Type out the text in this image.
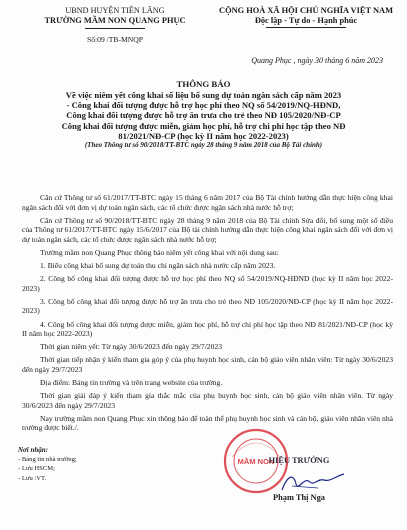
UBND HUYỆN TIÊN LÃNG
TRƯỜNG MẦM NON QUANG PHỤC
Số:09 /TB-MNQP
CỘNG HOÀ XÃ HỘI CHỦ NGHĨA VIỆT NAM
Độc lập - Tự do - Hạnh phúc
Quang Phục , ngày 30 tháng 6 năm 2023
THÔNG BÁO
Về việc niêm yết công khai số liệu bổ sung dự toán ngân sách cấp năm 2023
- Công khai đối tượng được hỗ trợ học phí theo NQ số 54/2019/NQ-HĐND,
Công khai đối tượng được hỗ trợ ăn trưa cho trẻ theo NĐ 105/2020/NĐ-CP
Công khai đối tượng được miễn, giảm học phí, hỗ trợ chi phí học tập theo NĐ
81/2021/NĐ-CP (học kỳ II năm học 2022-2023)
(Theo Thông tư số 90/2018/TT-BTC ngày 28 tháng 9 năm 2018 của Bộ Tài chính)

Căn cứ Thông tư số 61/2017/TT-BTC ngày 15 tháng 6 năm 2017 của Bộ Tài chính hướng dẫn thực hiện công khai ngân sách đối với đơn vị dự toán ngân sách, các tổ chức được ngân sách nhà nước hỗ trợ;

Căn cứ Thông tư số 90/2018/TT-BTC ngày 28 tháng 9 năm 2018 của Bộ Tài chính Sửa đổi, bổ sung một số điều của Thông tư 61/2017/TT-BTC ngày 15/6/2017 của Bộ tài chính hướng dẫn thực hiện công khai ngân sách đối với đơn vị dự toán ngân sách, các tổ chức được ngân sách nhà nước hỗ trợ;

Trường mầm non Quang Phục thông báo niêm yết công khai với nội dung sau:

1. Biểu công khai bổ sung dự toán thu chi ngân sách nhà nước cấp năm 2023.

2. Công bố công khai đối tượng được hỗ trợ học phí theo NQ số 54/2019/NQ-HĐND (học kỳ II năm học 2022-2023)

3. Công bố công khai đối tượng được hỗ trợ ăn trưa cho trẻ theo NĐ 105/2020/NĐ-CP (học kỳ II năm học 2022-2023)

4. Công bố công khai đối tượng được miễn, giảm học phí, hỗ trợ chi phí học tập theo NĐ 81/2021/NĐ-CP (học kỳ II năm học 2022-2023)

Thời gian niêm yết: Từ ngày 30/6/2023 đến ngày 29/7/2023

Thời gian tiếp nhận ý kiến tham gia góp ý của phụ huynh học sinh, cán bộ giáo viên nhân viên: Từ ngày 30/6/2023 đến ngày 29/7/2023

Địa điểm: Bảng tin trường và trên trang website của trường.

Thời gian giải đáp ý kiến tham gia thắc mắc của phụ huynh học sinh, cán bộ giáo viên nhân viên. Từ ngày 30/6/2023 đến ngày 29/7/2023

Nay trường mầm non Quang Phục xin thông báo để toàn thể phụ huynh học sinh và cán bộ, giáo viên nhân viên nhà trường được biết./.

Nơi nhận:
- Bảng tin nhà trường;
- Lưu HSCM;
- Lưu :VT.
MẦM NON
HIỆU TRƯỞNG
Phạm Thị Nga
